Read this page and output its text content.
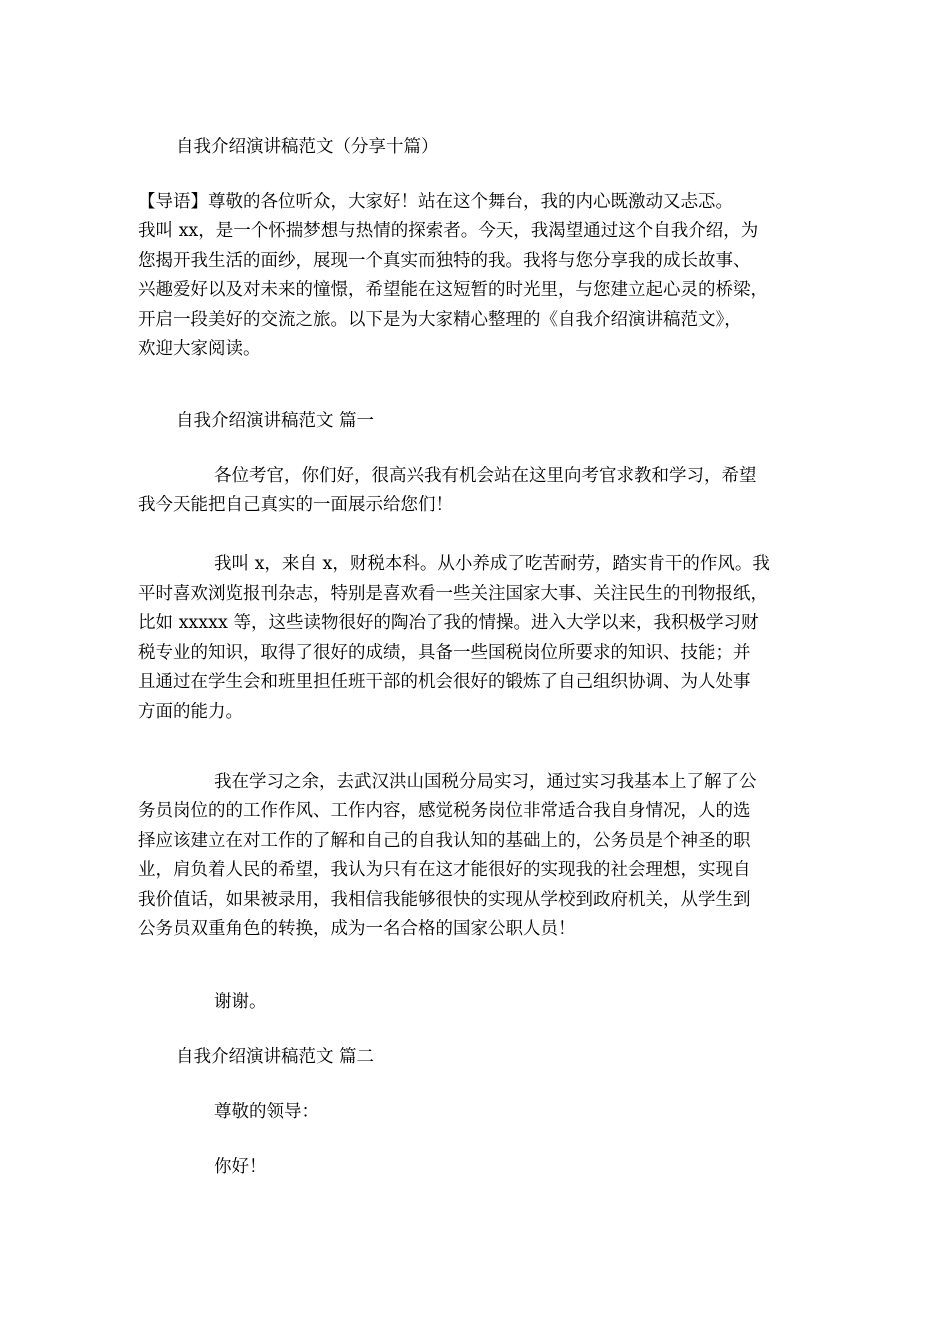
自我介绍演讲稿范文（分享十篇）
【导语】尊敬的各位听众，大家好！站在这个舞台，我的内心既激动又忐忑。
我叫 xx，是一个怀揣梦想与热情的探索者。今天，我渴望通过这个自我介绍，为
您揭开我生活的面纱，展现一个真实而独特的我。我将与您分享我的成长故事、
兴趣爱好以及对未来的憧憬，希望能在这短暂的时光里，与您建立起心灵的桥梁，
开启一段美好的交流之旅。以下是为大家精心整理的《自我介绍演讲稿范文》，
欢迎大家阅读。
自我介绍演讲稿范文 篇一
各位考官，你们好，很高兴我有机会站在这里向考官求教和学习，希望
我今天能把自己真实的一面展示给您们！
我叫 x，来自 x，财税本科。从小养成了吃苦耐劳，踏实肯干的作风。我
平时喜欢浏览报刊杂志，特别是喜欢看一些关注国家大事、关注民生的刊物报纸，
比如 xxxxx 等，这些读物很好的陶冶了我的情操。进入大学以来，我积极学习财
税专业的知识，取得了很好的成绩，具备一些国税岗位所要求的知识、技能；并
且通过在学生会和班里担任班干部的机会很好的锻炼了自己组织协调、为人处事
方面的能力。
我在学习之余，去武汉洪山国税分局实习，通过实习我基本上了解了公
务员岗位的的工作作风、工作内容，感觉税务岗位非常适合我自身情况，人的选
择应该建立在对工作的了解和自己的自我认知的基础上的，公务员是个神圣的职
业，肩负着人民的希望，我认为只有在这才能很好的实现我的社会理想，实现自
我价值话，如果被录用，我相信我能够很快的实现从学校到政府机关，从学生到
公务员双重角色的转换，成为一名合格的国家公职人员！
谢谢。
自我介绍演讲稿范文 篇二
尊敬的领导：
你好！
